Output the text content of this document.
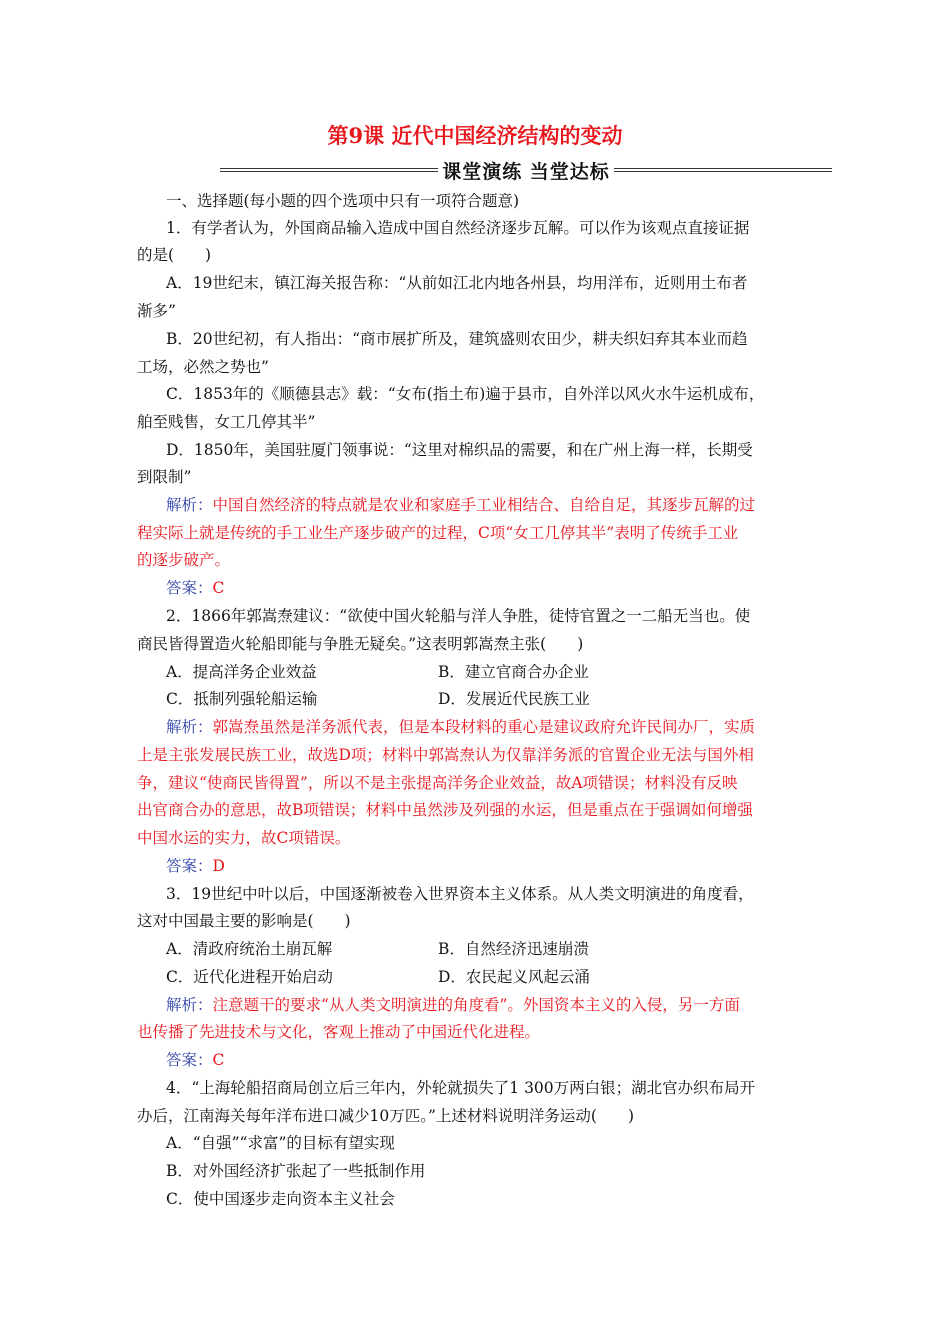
第9课 近代中国经济结构的变动
课堂演练 当堂达标
一、选择题(每小题的四个选项中只有一项符合题意)
1．有学者认为，外国商品输入造成中国自然经济逐步瓦解。可以作为该观点直接证据
的是(　　)
A．19世纪末，镇江海关报告称：“从前如江北内地各州县，均用洋布，近则用土布者
渐多”
B．20世纪初，有人指出：“商市展扩所及，建筑盛则农田少，耕夫织妇弃其本业而趋
工场，必然之势也”
C．1853年的《顺德县志》载：“女布(指土布)遍于县市，自外洋以风火水牛运机成布，
舶至贱售，女工几停其半”
D．1850年，美国驻厦门领事说：“这里对棉织品的需要，和在广州上海一样，长期受
到限制”
解析：中国自然经济的特点就是农业和家庭手工业相结合、自给自足，其逐步瓦解的过
程实际上就是传统的手工业生产逐步破产的过程，C项“女工几停其半”表明了传统手工业
的逐步破产。
答案：C
2．1866年郭嵩焘建议：“欲使中国火轮船与洋人争胜，徒恃官置之一二船无当也。使
商民皆得置造火轮船即能与争胜无疑矣。”这表明郭嵩焘主张(　　)
A．提高洋务企业效益	B．建立官商合办企业
C．抵制列强轮船运输	D．发展近代民族工业
解析：郭嵩焘虽然是洋务派代表，但是本段材料的重心是建议政府允许民间办厂，实质
上是主张发展民族工业，故选D项；材料中郭嵩焘认为仅靠洋务派的官置企业无法与国外相
争，建议“使商民皆得置”，所以不是主张提高洋务企业效益，故A项错误；材料没有反映
出官商合办的意思，故B项错误；材料中虽然涉及列强的水运，但是重点在于强调如何增强
中国水运的实力，故C项错误。
答案：D
3．19世纪中叶以后，中国逐渐被卷入世界资本主义体系。从人类文明演进的角度看，
这对中国最主要的影响是(　　)
A．清政府统治土崩瓦解	B．自然经济迅速崩溃
C．近代化进程开始启动	D．农民起义风起云涌
解析：注意题干的要求“从人类文明演进的角度看”。外国资本主义的入侵，另一方面
也传播了先进技术与文化，客观上推动了中国近代化进程。
答案：C
4．“上海轮船招商局创立后三年内，外轮就损失了1 300万两白银；湖北官办织布局开
办后，江南海关每年洋布进口减少10万匹。”上述材料说明洋务运动(　　)
A．“自强”“求富”的目标有望实现
B．对外国经济扩张起了一些抵制作用
C．使中国逐步走向资本主义社会
